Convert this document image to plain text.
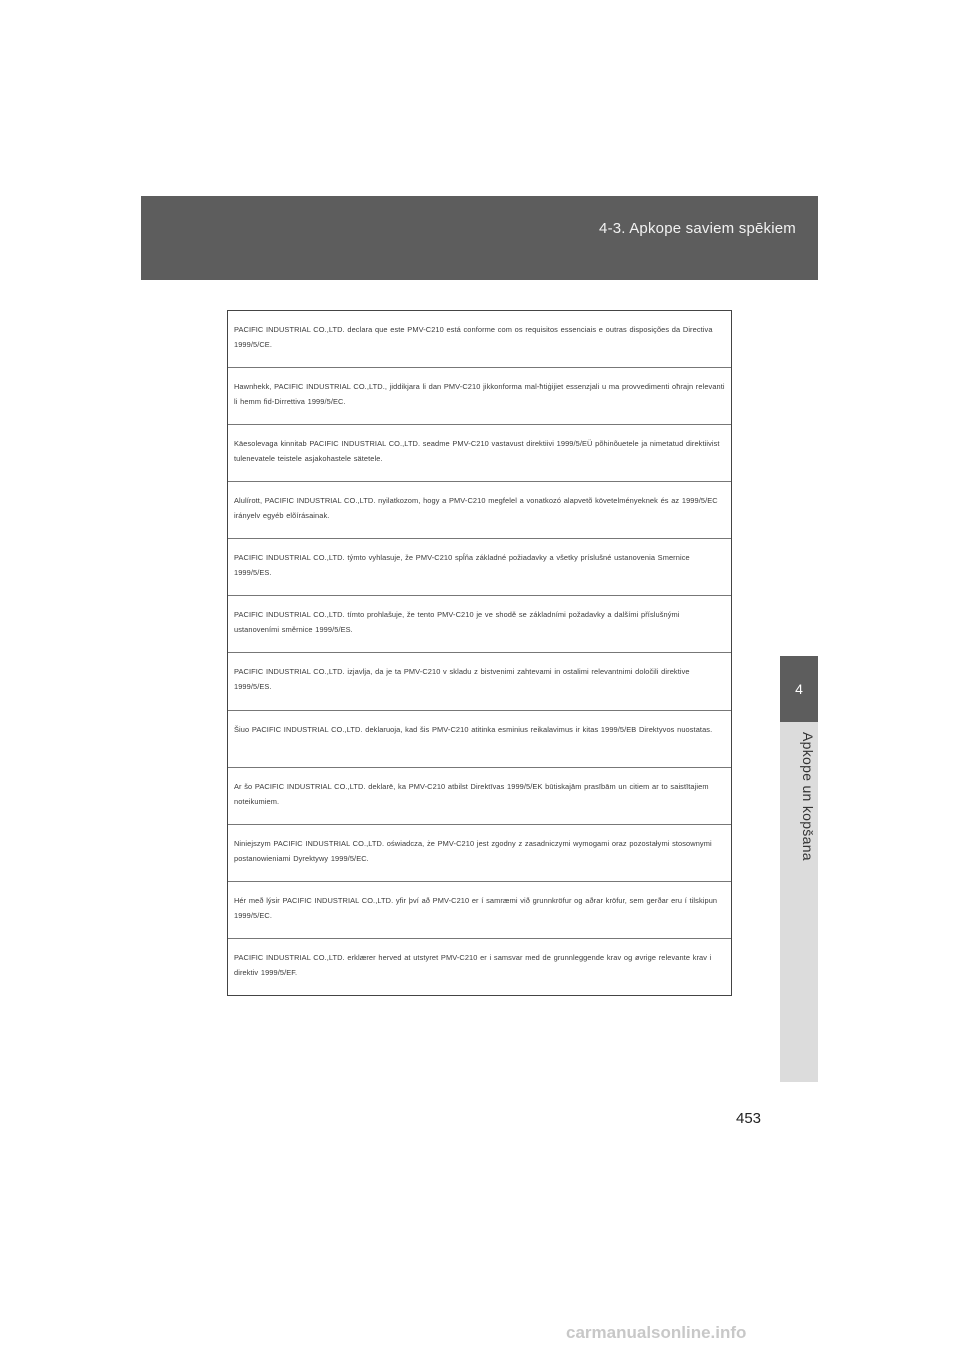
4-3. Apkope saviem spēkiem
4
Apkope un kopšana
PACIFIC INDUSTRIAL CO.,LTD. declara que este PMV-C210 está conforme com os requisitos essenciais e outras disposições da Directiva 1999/5/CE.
Hawnhekk, PACIFIC INDUSTRIAL CO.,LTD., jiddikjara li dan PMV-C210 jikkonforma mal-ħtiġijiet essenzjali u ma provvedimenti oħrajn relevanti li hemm fid-Dirrettiva 1999/5/EC.
Käesolevaga kinnitab PACIFIC INDUSTRIAL CO.,LTD. seadme PMV-C210 vastavust direktiivi 1999/5/EÜ põhinõuetele ja nimetatud direktiivist tulenevatele teistele asjakohastele sätetele.
Alulírott, PACIFIC INDUSTRIAL CO.,LTD. nyilatkozom, hogy a PMV-C210 megfelel a vonatkozó alapvetõ követelményeknek és az 1999/5/EC irányelv egyéb elõírásainak.
PACIFIC INDUSTRIAL CO.,LTD. týmto vyhlasuje, že PMV-C210 spĺňa základné požiadavky a všetky príslušné ustanovenia Smernice 1999/5/ES.
PACIFIC INDUSTRIAL CO.,LTD. tímto prohlašuje, že tento PMV-C210 je ve shodě se základními požadavky a dalšími příslušnými ustanoveními směrnice 1999/5/ES.
PACIFIC INDUSTRIAL CO.,LTD. izjavlja, da je ta PMV-C210 v skladu z bistvenimi zahtevami in ostalimi relevantnimi določili direktive 1999/5/ES.
Šiuo PACIFIC INDUSTRIAL CO.,LTD. deklaruoja, kad šis PMV-C210 atitinka esminius reikalavimus ir kitas 1999/5/EB Direktyvos nuostatas.
Ar šo PACIFIC INDUSTRIAL CO.,LTD. deklarē, ka PMV-C210 atbilst Direktīvas 1999/5/EK būtiskajām prasībām un citiem ar to saistītajiem noteikumiem.
Niniejszym PACIFIC INDUSTRIAL CO.,LTD. oświadcza, że PMV-C210 jest zgodny z zasadniczymi wymogami oraz pozostałymi stosownymi postanowieniami Dyrektywy 1999/5/EC.
Hér með lýsir PACIFIC INDUSTRIAL CO.,LTD. yfir því að PMV-C210 er í samræmi við grunnkröfur og aðrar kröfur, sem gerðar eru í tilskipun 1999/5/EC.
PACIFIC INDUSTRIAL CO.,LTD. erklærer herved at utstyret PMV-C210 er i samsvar med de grunnleggende krav og øvrige relevante krav i direktiv 1999/5/EF.
453
carmanualsonline.info
